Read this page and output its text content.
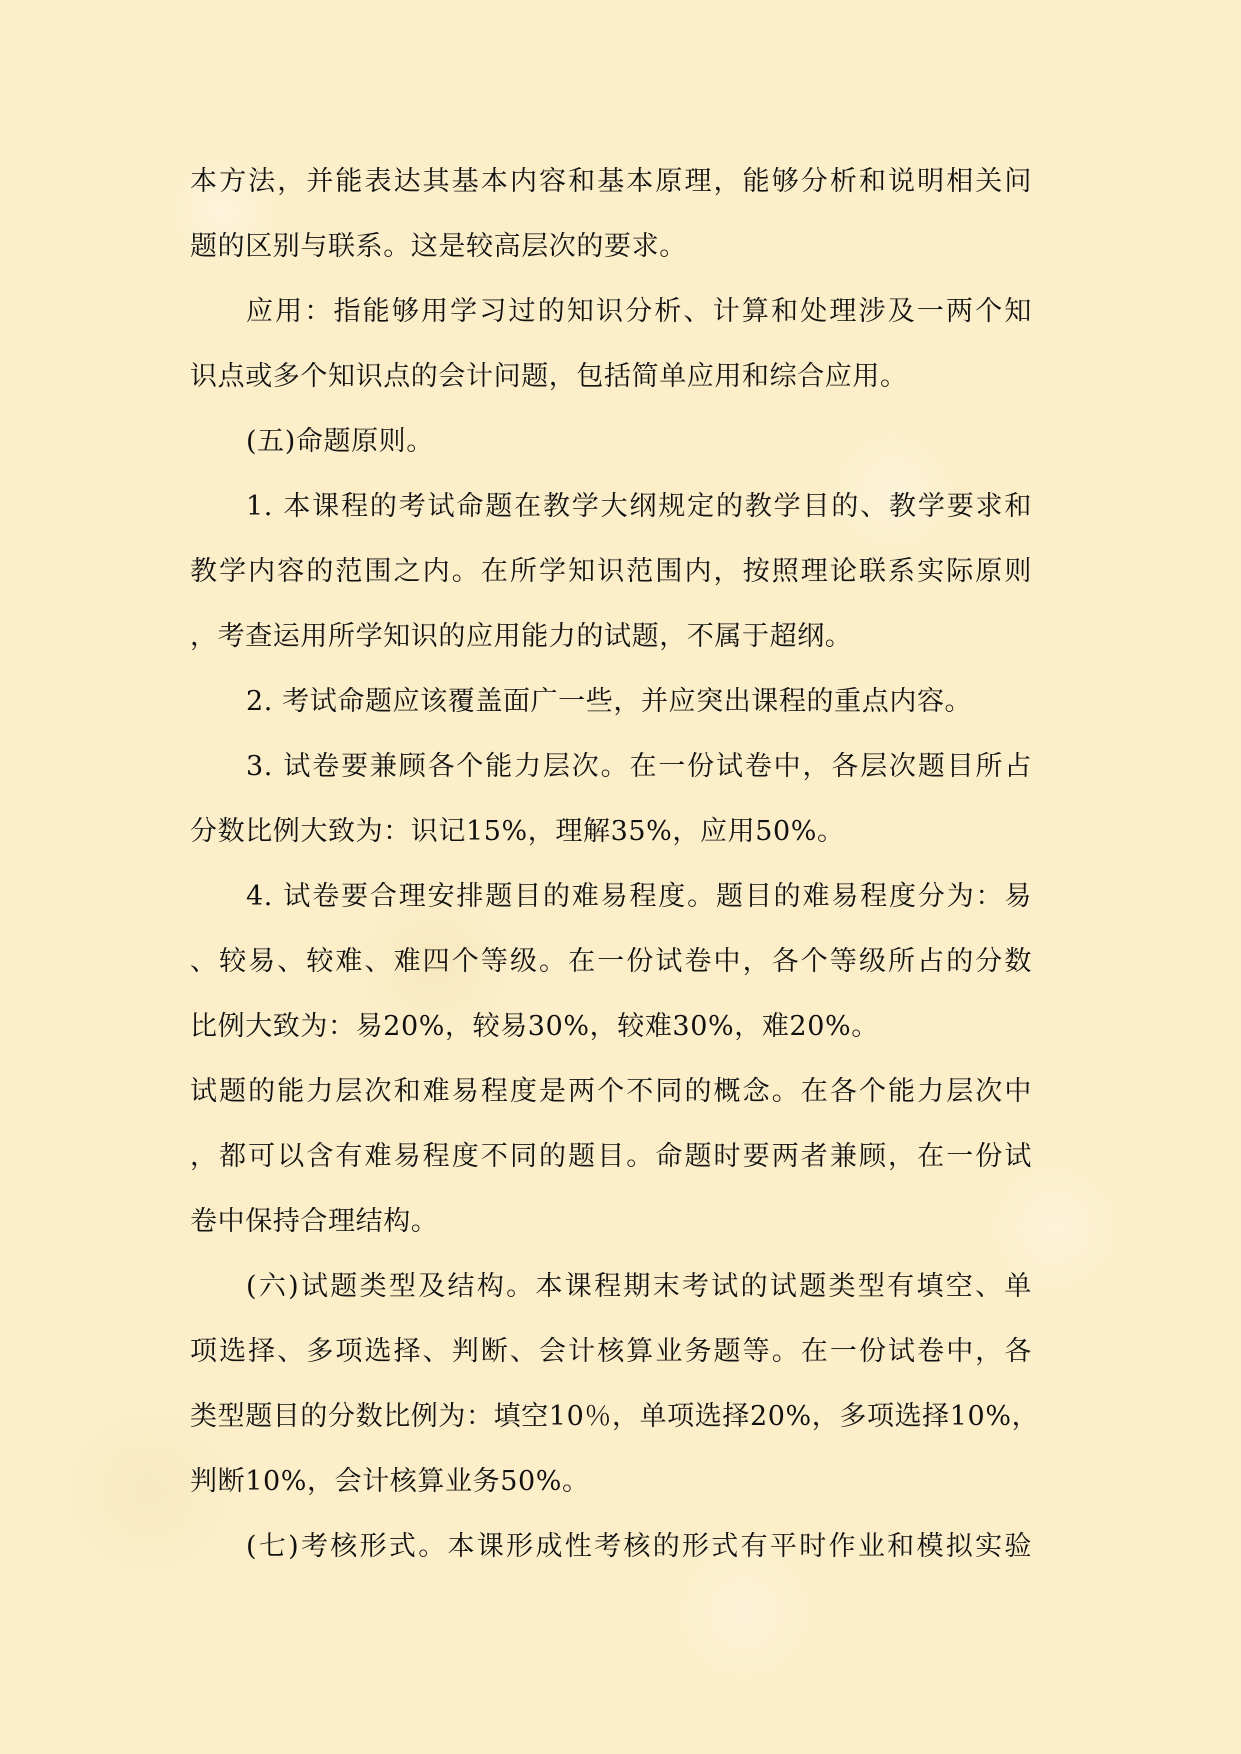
本方法，并能表达其基本内容和基本原理，能够分析和说明相关问
题的区别与联系。这是较高层次的要求。
应用：指能够用学习过的知识分析、计算和处理涉及一两个知
识点或多个知识点的会计问题，包括简单应用和综合应用。
(五)命题原则。
1. 本课程的考试命题在教学大纲规定的教学目的、教学要求和
教学内容的范围之内。在所学知识范围内，按照理论联系实际原则
，考查运用所学知识的应用能力的试题，不属于超纲。
2. 考试命题应该覆盖面广一些，并应突出课程的重点内容。
3. 试卷要兼顾各个能力层次。在一份试卷中，各层次题目所占
分数比例大致为：识记15%，理解35%，应用50%。
4. 试卷要合理安排题目的难易程度。题目的难易程度分为：易
、较易、较难、难四个等级。在一份试卷中，各个等级所占的分数
比例大致为：易20%，较易30%，较难30%，难20%。
试题的能力层次和难易程度是两个不同的概念。在各个能力层次中
，都可以含有难易程度不同的题目。命题时要两者兼顾，在一份试
卷中保持合理结构。
(六)试题类型及结构。本课程期末考试的试题类型有填空、单
项选择、多项选择、判断、会计核算业务题等。在一份试卷中，各
类型题目的分数比例为：填空10％，单项选择20%，多项选择10%，
判断10%，会计核算业务50%。
(七)考核形式。本课形成性考核的形式有平时作业和模拟实验
